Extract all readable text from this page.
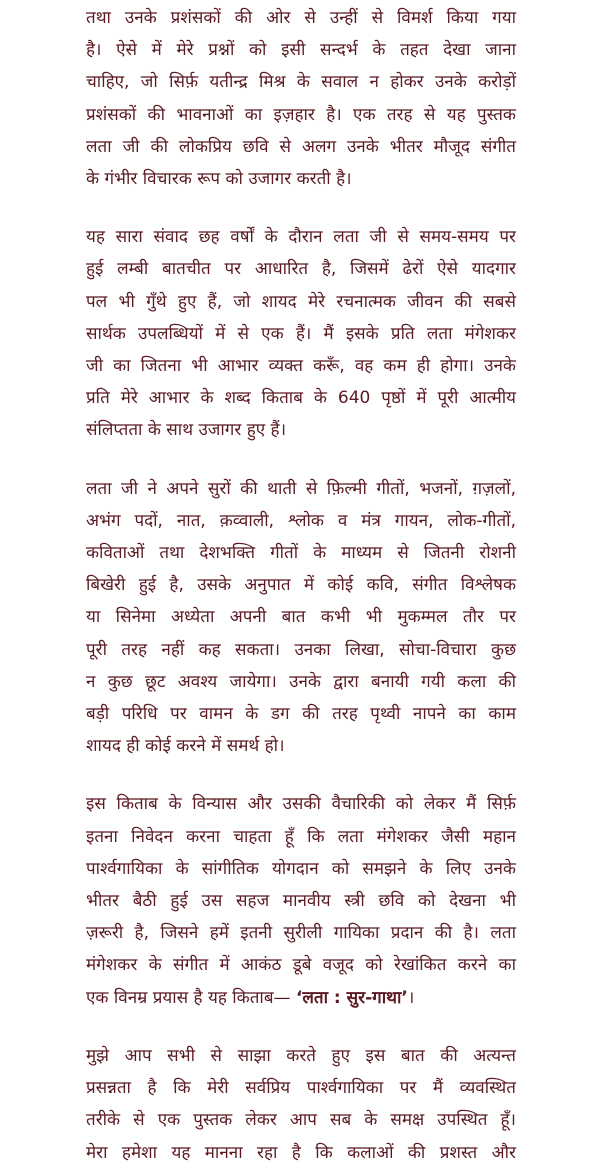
तथा उनके प्रशंसकों की ओर से उन्हीं से विमर्श किया गया
है। ऐसे में मेरे प्रश्नों को इसी सन्दर्भ के तहत देखा जाना
चाहिए, जो सिर्फ़ यतीन्द्र मिश्र के सवाल न होकर उनके करोड़ों
प्रशंसकों की भावनाओं का इज़हार है। एक तरह से यह पुस्तक
लता जी की लोकप्रिय छवि से अलग उनके भीतर मौजूद संगीत
के गंभीर विचारक रूप को उजागर करती है।

यह सारा संवाद छह वर्षों के दौरान लता जी से समय-समय पर
हुई लम्बी बातचीत पर आधारित है, जिसमें ढेरों ऐसे यादगार
पल भी गुँथे हुए हैं, जो शायद मेरे रचनात्मक जीवन की सबसे
सार्थक उपलब्धियों में से एक हैं। मैं इसके प्रति लता मंगेशकर
जी का जितना भी आभार व्यक्त करूँ, वह कम ही होगा। उनके
प्रति मेरे आभार के शब्द किताब के 640 पृष्ठों में पूरी आत्मीय
संलिप्तता के साथ उजागर हुए हैं।

लता जी ने अपने सुरों की थाती से फ़िल्मी गीतों, भजनों, ग़ज़लों,
अभंग पदों, नात, क़व्वाली, श्लोक व मंत्र गायन, लोक-गीतों,
कविताओं तथा देशभक्ति गीतों के माध्यम से जितनी रोशनी
बिखेरी हुई है, उसके अनुपात में कोई कवि, संगीत विश्लेषक
या सिनेमा अध्येता अपनी बात कभी भी मुकम्मल तौर पर
पूरी तरह नहीं कह सकता। उनका लिखा, सोचा-विचारा कुछ
न कुछ छूट अवश्य जायेगा। उनके द्वारा बनायी गयी कला की
बड़ी परिधि पर वामन के डग की तरह पृथ्वी नापने का काम
शायद ही कोई करने में समर्थ हो।

इस किताब के विन्यास और उसकी वैचारिकी को लेकर मैं सिर्फ़
इतना निवेदन करना चाहता हूँ कि लता मंगेशकर जैसी महान
पार्श्वगायिका के सांगीतिक योगदान को समझने के लिए उनके
भीतर बैठी हुई उस सहज मानवीय स्त्री छवि को देखना भी
ज़रूरी है, जिसने हमें इतनी सुरीली गायिका प्रदान की है। लता
मंगेशकर के संगीत में आकंठ डूबे वजूद को रेखांकित करने का
एक विनम्र प्रयास है यह किताब— ‘लता : सुर-गाथा’।

मुझे आप सभी से साझा करते हुए इस बात की अत्यन्त
प्रसन्नता है कि मेरी सर्वप्रिय पार्श्वगायिका पर मैं व्यवस्थित
तरीके से एक पुस्तक लेकर आप सब के समक्ष उपस्थित हूँ।
मेरा हमेशा यह मानना रहा है कि कलाओं की प्रशस्त और
